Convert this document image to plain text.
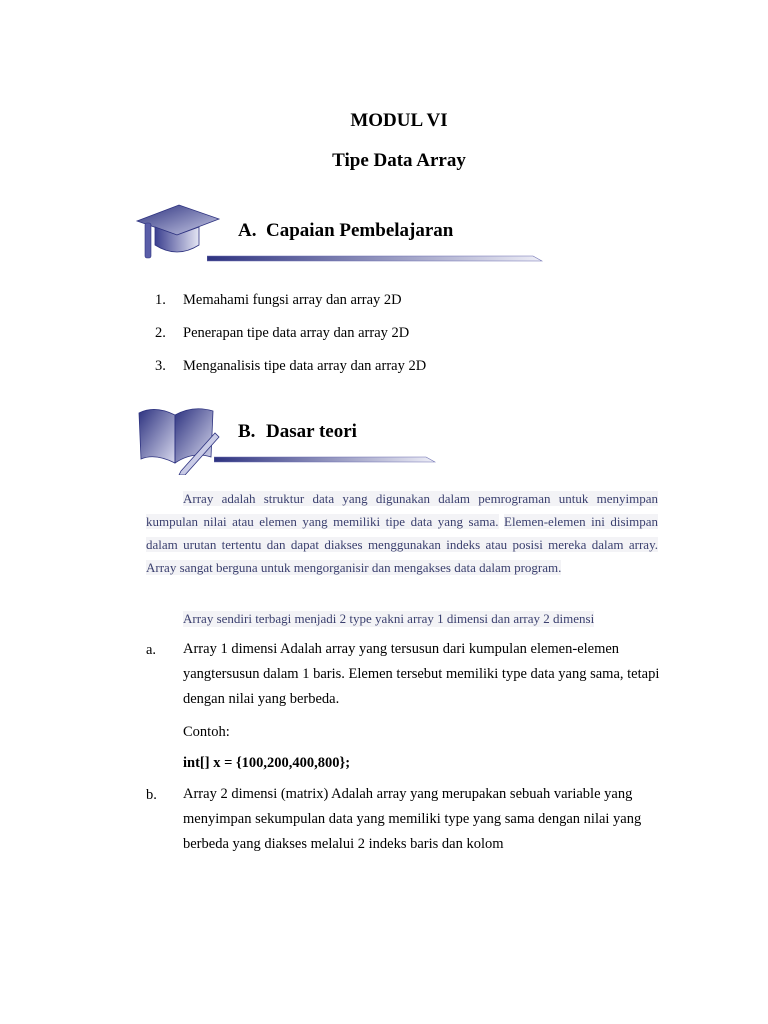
MODUL VI
Tipe Data Array
A. Capaian Pembelajaran
1. Memahami fungsi array dan array 2D
2. Penerapan tipe data array dan array 2D
3. Menganalisis tipe data array dan array 2D
B. Dasar teori
Array adalah struktur data yang digunakan dalam pemrograman untuk menyimpan kumpulan nilai atau elemen yang memiliki tipe data yang sama. Elemen-elemen ini disimpan dalam urutan tertentu dan dapat diakses menggunakan indeks atau posisi mereka dalam array. Array sangat berguna untuk mengorganisir dan mengakses data dalam program.
Array sendiri terbagi menjadi 2 type yakni array 1 dimensi dan array 2 dimensi
a. Array 1 dimensi Adalah array yang tersusun dari kumpulan elemen-elemen yangtersusun dalam 1 baris. Elemen tersebut memiliki type data yang sama, tetapi dengan nilai yang berbeda.
Contoh:
int[] x = {100,200,400,800};
b. Array 2 dimensi (matrix) Adalah array yang merupakan sebuah variable yang menyimpan sekumpulan data yang memiliki type yang sama dengan nilai yang berbeda yang diakses melalui 2 indeks baris dan kolom
